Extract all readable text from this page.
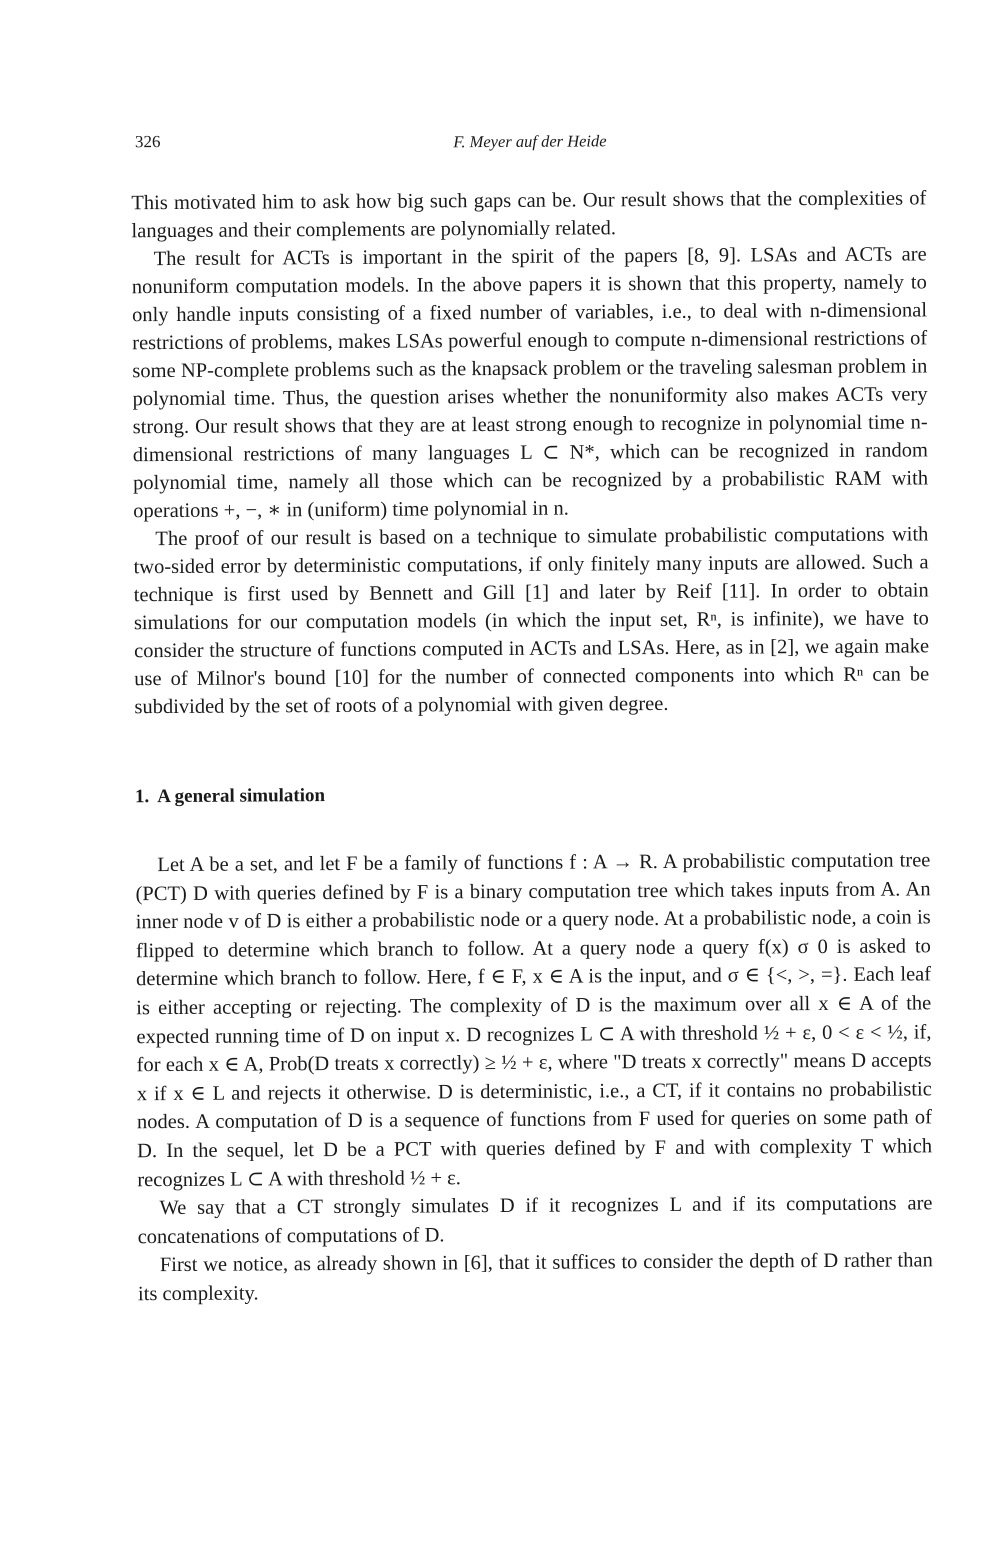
326	F. Meyer auf der Heide

This motivated him to ask how big such gaps can be. Our result shows that the complexities of languages and their complements are polynomially related.

The result for ACTs is important in the spirit of the papers [8, 9]. LSAs and ACTs are nonuniform computation models. In the above papers it is shown that this property, namely to only handle inputs consisting of a fixed number of variables, i.e., to deal with n-dimensional restrictions of problems, makes LSAs powerful enough to compute n-dimensional restrictions of some NP-complete problems such as the knapsack problem or the traveling salesman problem in polynomial time. Thus, the question arises whether the nonuniformity also makes ACTs very strong. Our result shows that they are at least strong enough to recognize in polynomial time n-dimensional restrictions of many languages L ⊂ N*, which can be recognized in random polynomial time, namely all those which can be recognized by a probabilistic RAM with operations +, −, ∗ in (uniform) time polynomial in n.

The proof of our result is based on a technique to simulate probabilistic computations with two-sided error by deterministic computations, if only finitely many inputs are allowed. Such a technique is first used by Bennett and Gill [1] and later by Reif [11]. In order to obtain simulations for our computation models (in which the input set, Rⁿ, is infinite), we have to consider the structure of functions computed in ACTs and LSAs. Here, as in [2], we again make use of Milnor's bound [10] for the number of connected components into which Rⁿ can be subdivided by the set of roots of a polynomial with given degree.

1. A general simulation

Let A be a set, and let F be a family of functions f : A → R. A probabilistic computation tree (PCT) D with queries defined by F is a binary computation tree which takes inputs from A. An inner node v of D is either a probabilistic node or a query node. At a probabilistic node, a coin is flipped to determine which branch to follow. At a query node a query f(x) σ 0 is asked to determine which branch to follow. Here, f ∈ F, x ∈ A is the input, and σ ∈ {<, >, =}. Each leaf is either accepting or rejecting. The complexity of D is the maximum over all x ∈ A of the expected running time of D on input x. D recognizes L ⊂ A with threshold ½ + ε, 0 < ε < ½, if, for each x ∈ A, Prob(D treats x correctly) ≥ ½ + ε, where "D treats x correctly" means D accepts x if x ∈ L and rejects it otherwise. D is deterministic, i.e., a CT, if it contains no probabilistic nodes. A computation of D is a sequence of functions from F used for queries on some path of D. In the sequel, let D be a PCT with queries defined by F and with complexity T which recognizes L ⊂ A with threshold ½ + ε.

We say that a CT strongly simulates D if it recognizes L and if its computations are concatenations of computations of D.

First we notice, as already shown in [6], that it suffices to consider the depth of D rather than its complexity.
